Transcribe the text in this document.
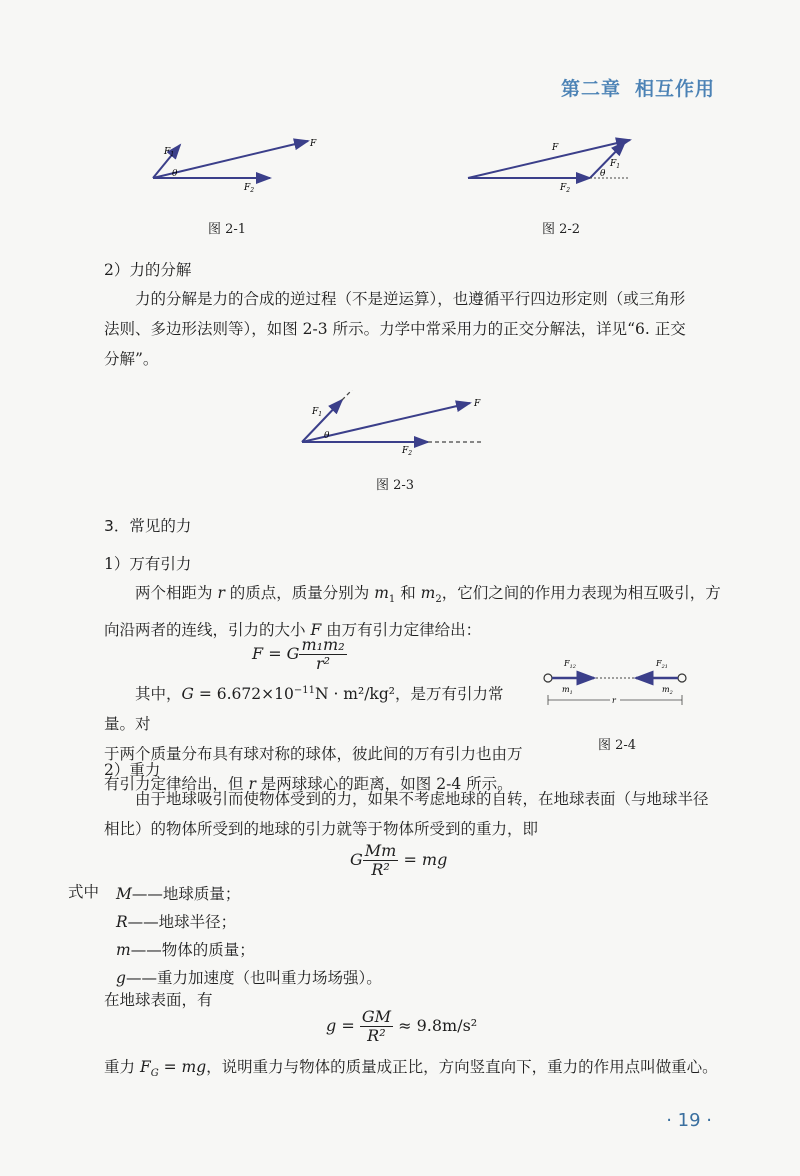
第二章 相互作用
$F_1$
θ
F
$F_2$
图 2-1
F
$F_1$
θ
$F_2$
图 2-2
2）力的分解
力的分解是力的合成的逆过程（不是逆运算），也遵循平行四边形定则（或三角形
法则、多边形法则等），如图 2-3 所示。力学中常采用力的正交分解法，详见“6. 正交
分解”。
$F_1$
θ
F
$F_2$
图 2-3
3．常见的力
1）万有引力
两个相距为 r 的质点，质量分别为 $m_1$ 和 $m_2$，它们之间的作用力表现为相互吸引，方
向沿两者的连线，引力的大小 F 由万有引力定律给出：
F = G $\frac{\text{m₁m₂}}{\text{r²}}$
其中，$G = 6.672\times 10^{-11}N \cdot m^2/kg^2$，是万有引力常量。对
于两个质量分布具有球对称的球体，彼此间的万有引力也由万
有引力定律给出，但 r 是两球球心的距离，如图 2-4 所示。
$F_{12}$	$F_{21}$
$m_1$	$m_2$
r
图 2-4
2）重力
由于地球吸引而使物体受到的力，如果不考虑地球的自转，在地球表面（与地球半径
相比）的物体所受到的地球的引力就等于物体所受到的重力，即
G $\frac{Mm}{\text{R²}}$ = mg
式中 M——地球质量；
R——地球半径；
m——物体的质量；
g——重力加速度（也叫重力场场强）。
在地球表面，有
$g = \frac{GM}{\text{R²}} \approx 9.8m/s^2$
重力 $F_G$ = mg，说明重力与物体的质量成正比，方向竖直向下，重力的作用点叫做重心。
· 19 ·
